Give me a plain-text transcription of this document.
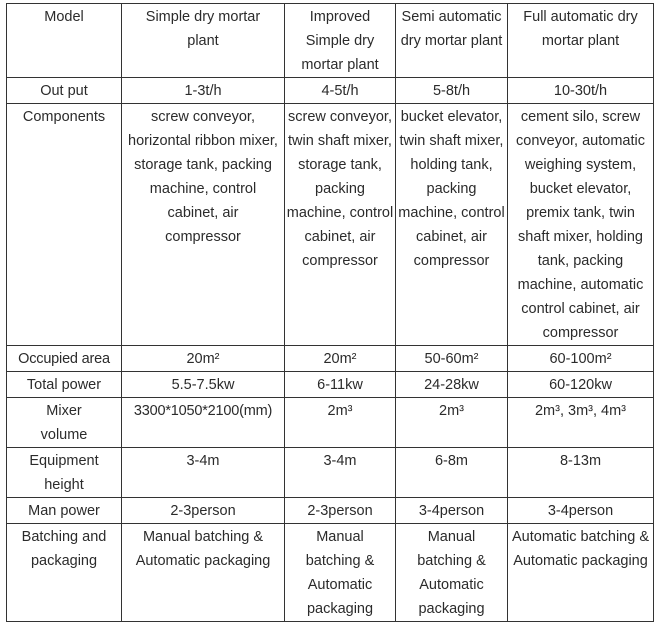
Model	Simple dry mortar plant	Improved Simple dry mortar plant	Semi automatic dry mortar plant	Full automatic dry mortar plant
Out put	1-3t/h	4-5t/h	5-8t/h	10-30t/h
Components	screw conveyor, horizontal ribbon mixer, storage tank, packing machine, control cabinet, air compressor	screw conveyor, twin shaft mixer, storage tank, packing machine, control cabinet, air compressor	bucket elevator, twin shaft mixer, holding tank, packing machine, control cabinet, air compressor	cement silo, screw conveyor, automatic weighing system, bucket elevator, premix tank, twin shaft mixer, holding tank, packing machine, automatic control cabinet, air compressor
Occupied area	20m²	20m²	50-60m²	60-100m²
Total power	5.5-7.5kw	6-11kw	24-28kw	60-120kw
Mixer volume	3300*1050*2100(mm)	2m³	2m³	2m³, 3m³, 4m³
Equipment height	3-4m	3-4m	6-8m	8-13m
Man power	2-3person	2-3person	3-4person	3-4person
Batching and packaging	Manual batching & Automatic packaging	Manual batching & Automatic packaging	Manual batching & Automatic packaging	Automatic batching & Automatic packaging
